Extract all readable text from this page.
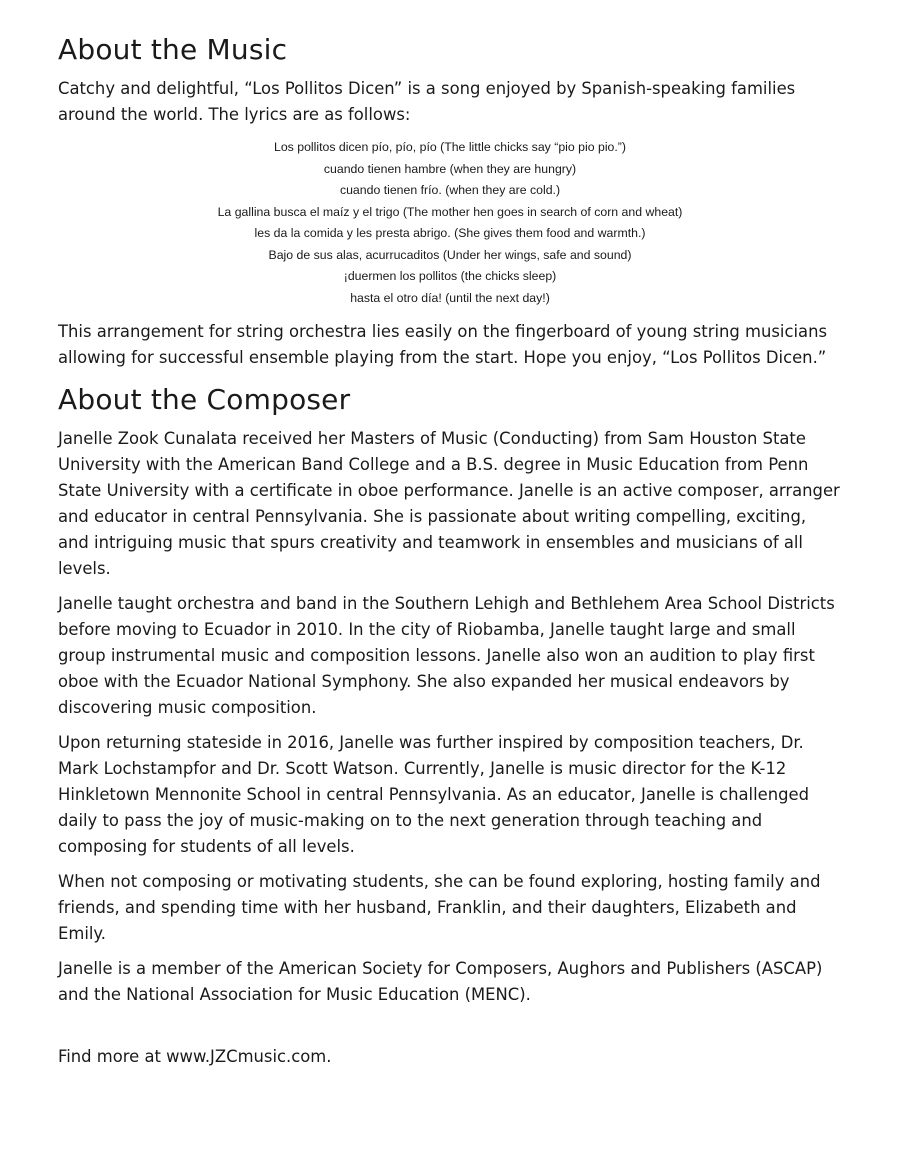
About the Music

Catchy and delightful, “Los Pollitos Dicen” is a song enjoyed by Spanish-speaking families around the world. The lyrics are as follows:

Los pollitos dicen pío, pío, pío (The little chicks say “pio pio pio.”)
cuando tienen hambre (when they are hungry)
cuando tienen frío. (when they are cold.)
La gallina busca el maíz y el trigo (The mother hen goes in search of corn and wheat)
les da la comida y les presta abrigo. (She gives them food and warmth.)
Bajo de sus alas, acurrucaditos (Under her wings, safe and sound)
¡duermen los pollitos (the chicks sleep)
hasta el otro día! (until the next day!)

This arrangement for string orchestra lies easily on the fingerboard of young string musicians allowing for successful ensemble playing from the start. Hope you enjoy, “Los Pollitos Dicen.”

About the Composer

Janelle Zook Cunalata received her Masters of Music (Conducting) from Sam Houston State University with the American Band College and a B.S. degree in Music Education from Penn State University with a certificate in oboe performance. Janelle is an active composer, arranger and educator in central Pennsylvania. She is passionate about writing compelling, exciting, and intriguing music that spurs creativity and teamwork in ensembles and musicians of all levels.

Janelle taught orchestra and band in the Southern Lehigh and Bethlehem Area School Districts before moving to Ecuador in 2010. In the city of Riobamba, Janelle taught large and small group instrumental music and composition lessons. Janelle also won an audition to play first oboe with the Ecuador National Symphony. She also expanded her musical endeavors by discovering music composition.

Upon returning stateside in 2016, Janelle was further inspired by composition teachers, Dr. Mark Lochstampfor and Dr. Scott Watson. Currently, Janelle is music director for the K-12 Hinkletown Mennonite School in central Pennsylvania. As an educator, Janelle is challenged daily to pass the joy of music-making on to the next generation through teaching and composing for students of all levels.

When not composing or motivating students, she can be found exploring, hosting family and friends, and spending time with her husband, Franklin, and their daughters, Elizabeth and Emily.

Janelle is a member of the American Society for Composers, Aughors and Publishers (ASCAP) and the National Association for Music Education (MENC).

Find more at www.JZCmusic.com.
